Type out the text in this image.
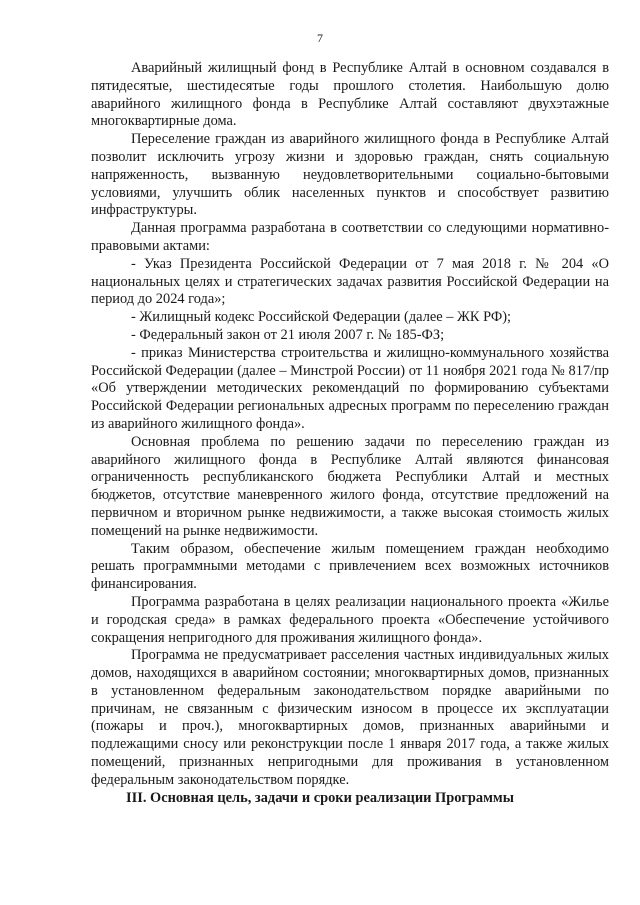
7

Аварийный жилищный фонд в Республике Алтай в основном создавался в пятидесятые, шестидесятые годы прошлого столетия. Наибольшую долю аварийного жилищного фонда в Республике Алтай составляют двухэтажные многоквартирные дома.

Переселение граждан из аварийного жилищного фонда в Республике Алтай позволит исключить угрозу жизни и здоровью граждан, снять социальную напряженность, вызванную неудовлетворительными социально-бытовыми условиями, улучшить облик населенных пунктов и способствует развитию инфраструктуры.

Данная программа разработана в соответствии со следующими нормативно-правовыми актами:

- Указ Президента Российской Федерации от 7 мая 2018 г. № 204 «О национальных целях и стратегических задачах развития Российской Федерации на период до 2024 года»;

- Жилищный кодекс Российской Федерации (далее – ЖК РФ);

- Федеральный закон от 21 июля 2007 г. № 185-ФЗ;

- приказ Министерства строительства и жилищно-коммунального хозяйства Российской Федерации (далее – Минстрой России) от 11 ноября 2021 года № 817/пр «Об утверждении методических рекомендаций по формированию субъектами Российской Федерации региональных адресных программ по переселению граждан из аварийного жилищного фонда».

Основная проблема по решению задачи по переселению граждан из аварийного жилищного фонда в Республике Алтай являются финансовая ограниченность республиканского бюджета Республики Алтай и местных бюджетов, отсутствие маневренного жилого фонда, отсутствие предложений на первичном и вторичном рынке недвижимости, а также высокая стоимость жилых помещений на рынке недвижимости.

Таким образом, обеспечение жилым помещением граждан необходимо решать программными методами с привлечением всех возможных источников финансирования.

Программа разработана в целях реализации национального проекта «Жилье и городская среда» в рамках федерального проекта «Обеспечение устойчивого сокращения непригодного для проживания жилищного фонда».

Программа не предусматривает расселения частных индивидуальных жилых домов, находящихся в аварийном состоянии; многоквартирных домов, признанных в установленном федеральным законодательством порядке аварийными по причинам, не связанным с физическим износом в процессе их эксплуатации (пожары и проч.), многоквартирных домов, признанных аварийными и подлежащими сносу или реконструкции после 1 января 2017 года, а также жилых помещений, признанных непригодными для проживания в установленном федеральным законодательством порядке.

III. Основная цель, задачи и сроки реализации Программы
